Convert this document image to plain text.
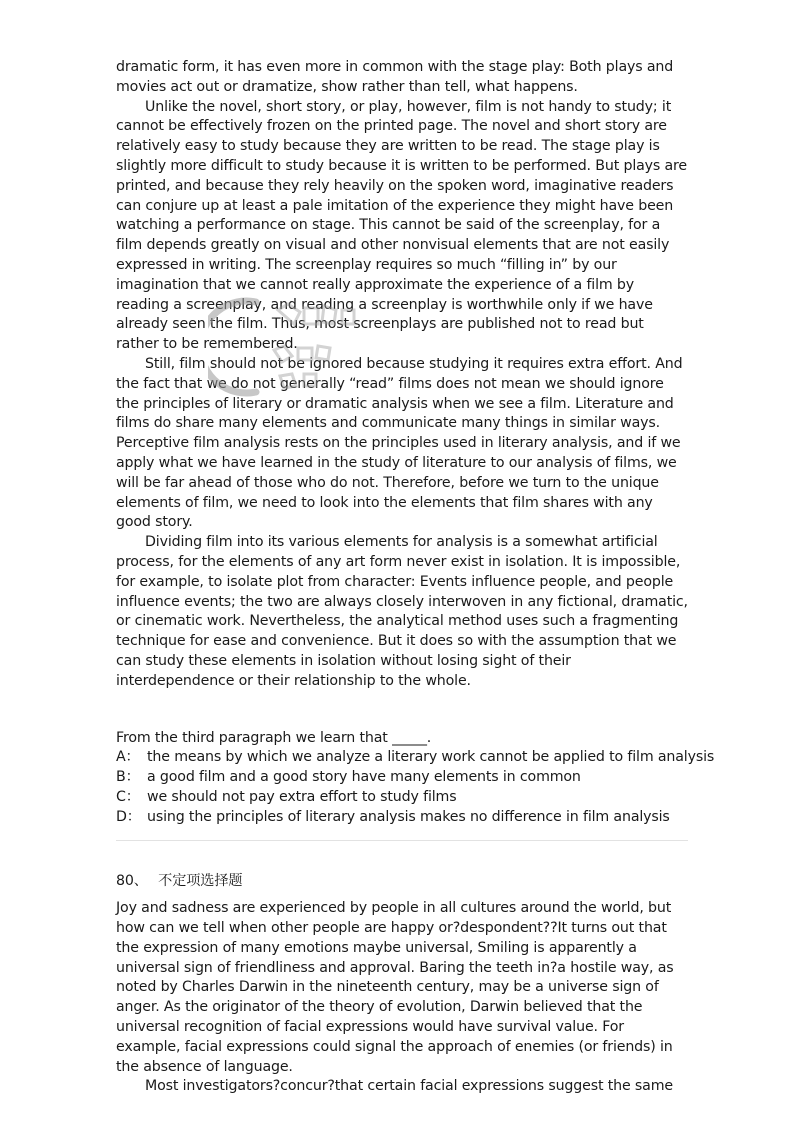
dramatic form, it has even more in common with the stage play: Both plays and movies act out or dramatize, show rather than tell, what happens.

Unlike the novel, short story, or play, however, film is not handy to study; it cannot be effectively frozen on the printed page. The novel and short story are relatively easy to study because they are written to be read. The stage play is slightly more difficult to study because it is written to be performed. But plays are printed, and because they rely heavily on the spoken word, imaginative readers can conjure up at least a pale imitation of the experience they might have been watching a performance on stage. This cannot be said of the screenplay, for a film depends greatly on visual and other nonvisual elements that are not easily expressed in writing. The screenplay requires so much “filling in” by our imagination that we cannot really approximate the experience of a film by reading a screenplay, and reading a screenplay is worthwhile only if we have already seen the film. Thus, most screenplays are published not to read but rather to be remembered.

Still, film should not be ignored because studying it requires extra effort. And the fact that we do not generally “read” films does not mean we should ignore the principles of literary or dramatic analysis when we see a film. Literature and films do share many elements and communicate many things in similar ways. Perceptive film analysis rests on the principles used in literary analysis, and if we apply what we have learned in the study of literature to our analysis of films, we will be far ahead of those who do not. Therefore, before we turn to the unique elements of film, we need to look into the elements that film shares with any good story.

Dividing film into its various elements for analysis is a somewhat artificial process, for the elements of any art form never exist in isolation. It is impossible, for example, to isolate plot from character: Events influence people, and people influence events; the two are always closely interwoven in any fictional, dramatic, or cinematic work. Nevertheless, the analytical method uses such a fragmenting technique for ease and convenience. But it does so with the assumption that we can study these elements in isolation without losing sight of their interdependence or their relationship to the whole.

From the third paragraph we learn that _____.
A： the means by which we analyze a literary work cannot be applied to film analysis
B： a good film and a good story have many elements in common
C： we should not pay extra effort to study films
D： using the principles of literary analysis makes no difference in film analysis
80、 不定项选择题

Joy and sadness are experienced by people in all cultures around the world, but how can we tell when other people are happy or?despondent??It turns out that the expression of many emotions maybe universal, Smiling is apparently a universal sign of friendliness and approval. Baring the teeth in?a hostile way, as noted by Charles Darwin in the nineteenth century, may be a universe sign of anger. As the originator of the theory of evolution, Darwin believed that the universal recognition of facial expressions would have survival value. For example, facial expressions could signal the approach of enemies (or friends) in the absence of language.

Most investigators?concur?that certain facial expressions suggest the same
